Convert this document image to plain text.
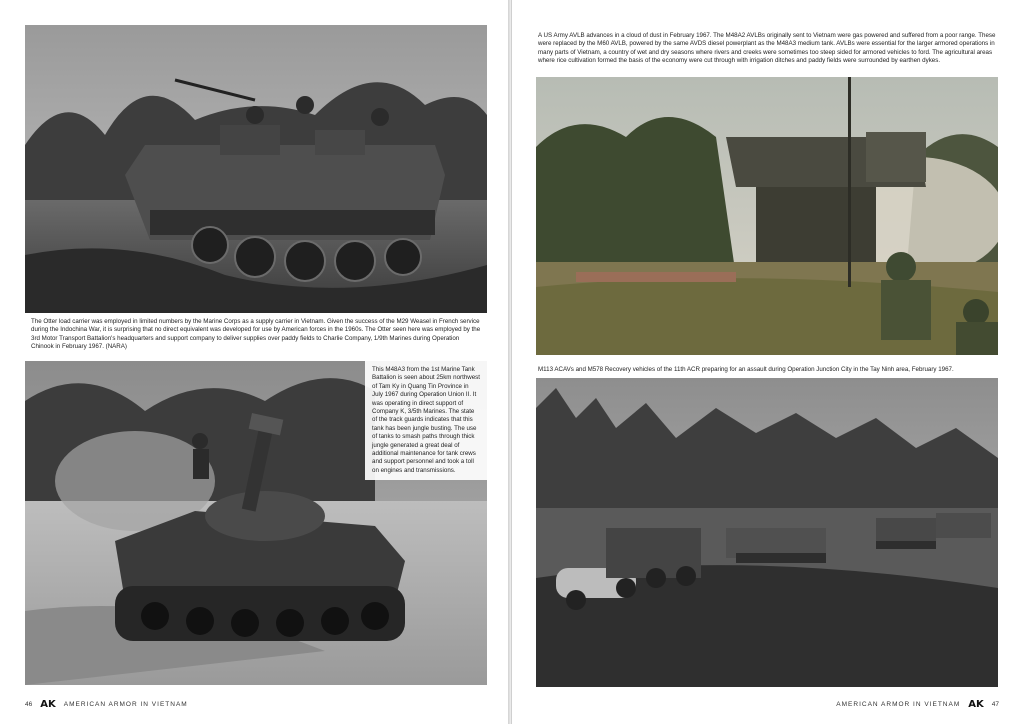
The Otter load carrier was employed in limited numbers by the Marine Corps as a supply carrier in Vietnam. Given the success of the M29 Weasel in French service during the Indochina War, it is surprising that no direct equivalent was developed for use by American forces in the 1960s. The Otter seen here was employed by the 3rd Motor Transport Battalion's headquarters and support company to deliver supplies over paddy fields to Charlie Company, 1/9th Marines during Operation Chinook in February 1967. (NARA)
This M48A3 from the 1st Marine Tank Battalion is seen about 25km northwest of Tam Ky in Quang Tin Province in July 1967 during Operation Union II. It was operating in direct support of Company K, 3/5th Marines. The state of the track guards indicates that this tank has been jungle busting. The use of tanks to smash paths through thick jungle generated a great deal of additional maintenance for tank crews and support personnel and took a toll on engines and transmissions.
46 AK AMERICAN ARMOR IN VIETNAM
A US Army AVLB advances in a cloud of dust in February 1967. The M48A2 AVLBs originally sent to Vietnam were gas powered and suffered from a poor range. These were replaced by the M60 AVLB, powered by the same AVDS diesel powerplant as the M48A3 medium tank. AVLBs were essential for the larger armored operations in many parts of Vietnam, a country of wet and dry seasons where rivers and creeks were sometimes too steep sided for armored vehicles to ford. The agricultural areas where rice cultivation formed the basis of the economy were cut through with irrigation ditches and paddy fields were surrounded by earthen dykes.
M113 ACAVs and M578 Recovery vehicles of the 11th ACR preparing for an assault during Operation Junction City in the Tay Ninh area, February 1967.
AMERICAN ARMOR IN VIETNAM AK 47
